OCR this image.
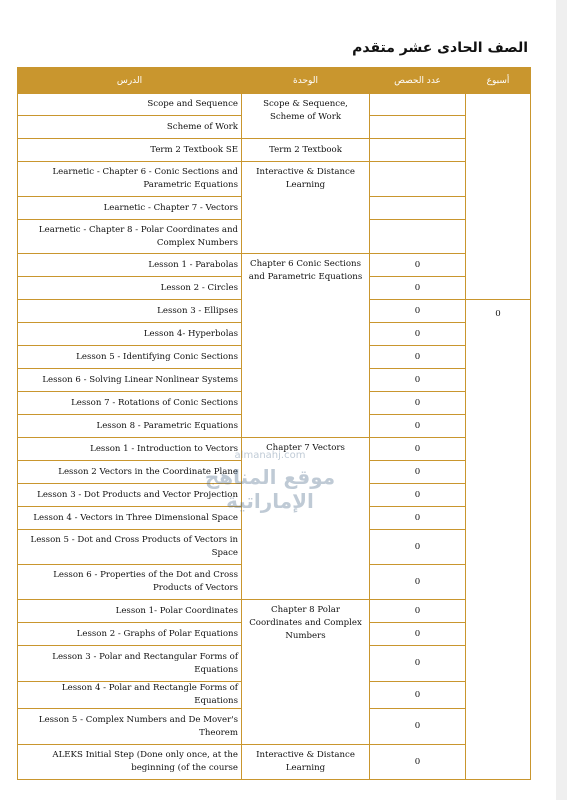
الصف الحادى عشر متقدم
الدرس	الوحدة	عدد الحصص	أسبوع
Scope and Sequence	Scope & Sequence, Scheme of Work		
Scheme of Work			
Term 2 Textbook SE	Term 2 Textbook		
Learnetic - Chapter 6 - Conic Sections and Parametric Equations	Interactive & Distance Learning		
Learnetic - Chapter 7 - Vectors			
Learnetic - Chapter 8 - Polar Coordinates and Complex Numbers			
Lesson 1 - Parabolas	Chapter 6 Conic Sections and Parametric Equations	0	
Lesson 2 - Circles		0	
Lesson 3 - Ellipses		0	0
Lesson 4- Hyperbolas		0	
Lesson 5 - Identifying Conic Sections		0	
Lesson 6 - Solving Linear Nonlinear Systems		0	
Lesson 7 - Rotations of Conic Sections		0	
Lesson 8 - Parametric Equations		0	
Lesson 1 - Introduction to Vectors	Chapter 7 Vectors	0	
Lesson 2 Vectors in the Coordinate Plane		0	
Lesson 3 - Dot Products and Vector Projection		0	
Lesson 4 - Vectors in Three Dimensional Space		0	
Lesson 5 - Dot and Cross Products of Vectors in Space		0	
Lesson 6 - Properties of the Dot and Cross Products of Vectors		0	
Lesson 1- Polar Coordinates	Chapter 8 Polar Coordinates and Complex Numbers	0	
Lesson 2 - Graphs of Polar Equations		0	
Lesson 3 - Polar and Rectangular Forms of Equations		0	
Lesson 4 - Polar and Rectangle Forms of Equations		0	
Lesson 5 - Complex Numbers and De Mover's Theorem		0	
ALEKS Initial Step (Done only once, at the beginning (of the course	Interactive & Distance Learning	0	
almanahj.com
موقع المناهج الإماراتية
